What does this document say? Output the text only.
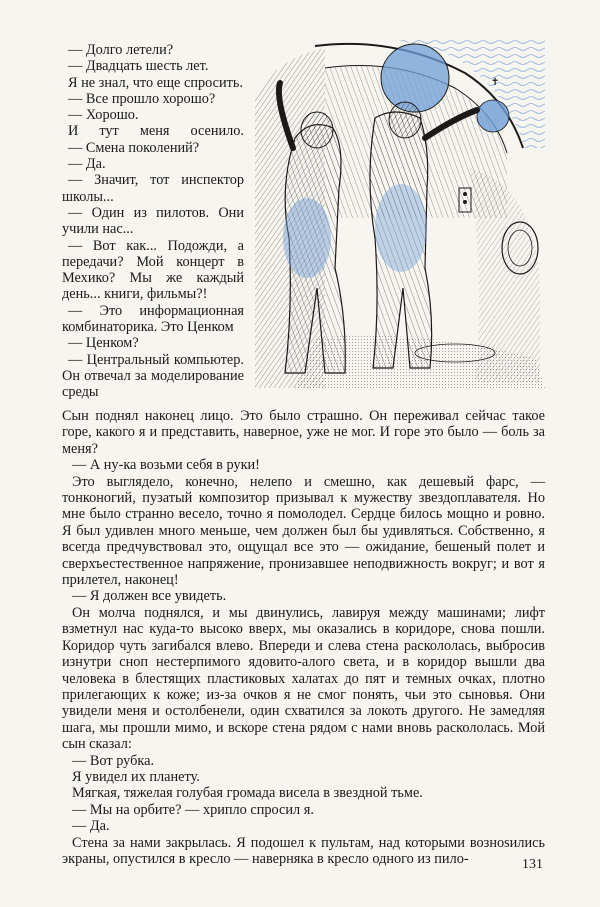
— Долго летели?

— Двадцать шесть лет.

Я не знал, что еще спросить.

— Все прошло хорошо?

— Хорошо.

И тут меня осенило.

— Смена поколений?

— Да.

— Значит, тот инспектор школы...

— Один из пилотов. Они учили нас...

— Вот как... Подожди, а передачи? Мой концерт в Мехико? Мы же каждый день... книги, фильмы?!

— Это информационная комбинаторика. Это Ценком

— Ценком?

— Центральный компьютер. Он отвечал за моделирование среды

✝

Сын поднял наконец лицо. Это было страшно. Он переживал сейчас такое горе, какого я и представить, наверное, уже не мог. И горе это было — боль за меня?

— А ну-ка возьми себя в руки!

Это выглядело, конечно, нелепо и смешно, как дешевый фарс, — тонконогий, пузатый композитор призывал к мужеству звездоплавателя. Но мне было странно весело, точно я помолодел. Сердце билось мощно и ровно. Я был удивлен много меньше, чем должен был бы удивляться. Собственно, я всегда предчувствовал это, ощущал все это — ожидание, бешеный полет и сверхъестественное напряжение, пронизавшее неподвижность вокруг; и вот я прилетел, наконец!

— Я должен все увидеть.

Он молча поднялся, и мы двинулись, лавируя между машинами; лифт взметнул нас куда-то высоко вверх, мы оказались в коридоре, снова пошли. Коридор чуть загибался влево. Впереди и слева стена раскололась, выбросив изнутри сноп нестерпимого ядовито-алого света, и в коридор вышли два человека в блестящих пластиковых халатах до пят и темных очках, плотно прилегающих к коже; из-за очков я не смог понять, чьи это сыновья. Они увидели меня и остолбенели, один схватился за локоть другого. Не замедляя шага, мы прошли мимо, и вскоре стена рядом с нами вновь раскололась. Мой сын сказал:

— Вот рубка.

Я увидел их планету.

Мягкая, тяжелая голубая громада висела в звездной тьме.

— Мы на орбите? — хрипло спросил я.

— Да.

Стена за нами закрылась. Я подошел к пультам, над которыми вознosились экраны, опустился в кресло — наверняка в кресло одного из пило-	131
